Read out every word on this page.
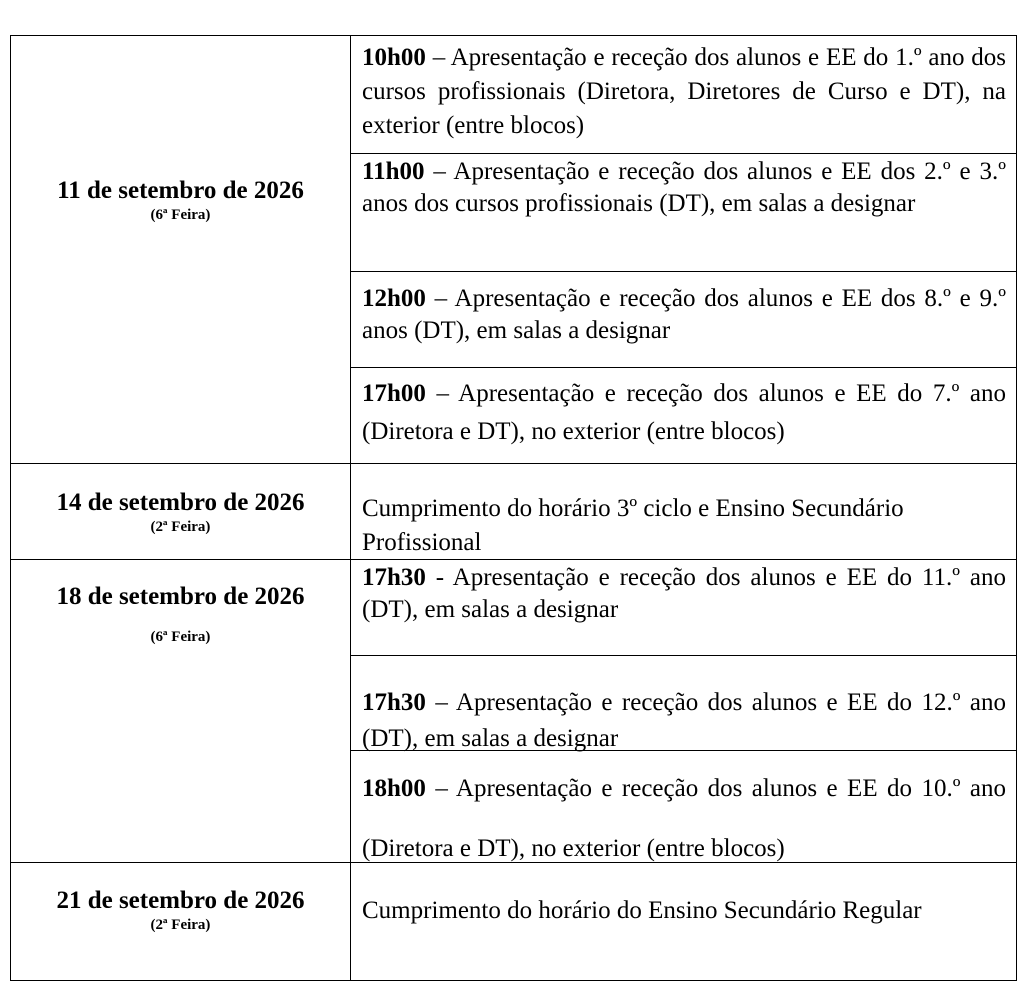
11 de setembro de 2026
(6ª Feira)

10h00 – Apresentação e receção dos alunos e EE do 1.º ano dos cursos profissionais (Diretora, Diretores de Curso e DT), na exterior (entre blocos)

11h00 – Apresentação e receção dos alunos e EE dos 2.º e 3.º anos dos cursos profissionais (DT), em salas a designar

12h00 – Apresentação e receção dos alunos e EE dos 8.º e 9.º anos (DT), em salas a designar

17h00 – Apresentação e receção dos alunos e EE do 7.º ano (Diretora e DT), no exterior (entre blocos)

14 de setembro de 2026
(2ª Feira)

Cumprimento do horário 3º ciclo e Ensino Secundário Profissional

18 de setembro de 2026
(6ª Feira)

17h30 - Apresentação e receção dos alunos e EE do 11.º ano (DT), em salas a designar

17h30 – Apresentação e receção dos alunos e EE do 12.º ano (DT), em salas a designar

18h00 – Apresentação e receção dos alunos e EE do 10.º ano (Diretora e DT), no exterior (entre blocos)

21 de setembro de 2026
(2ª Feira)

Cumprimento do horário do Ensino Secundário Regular
